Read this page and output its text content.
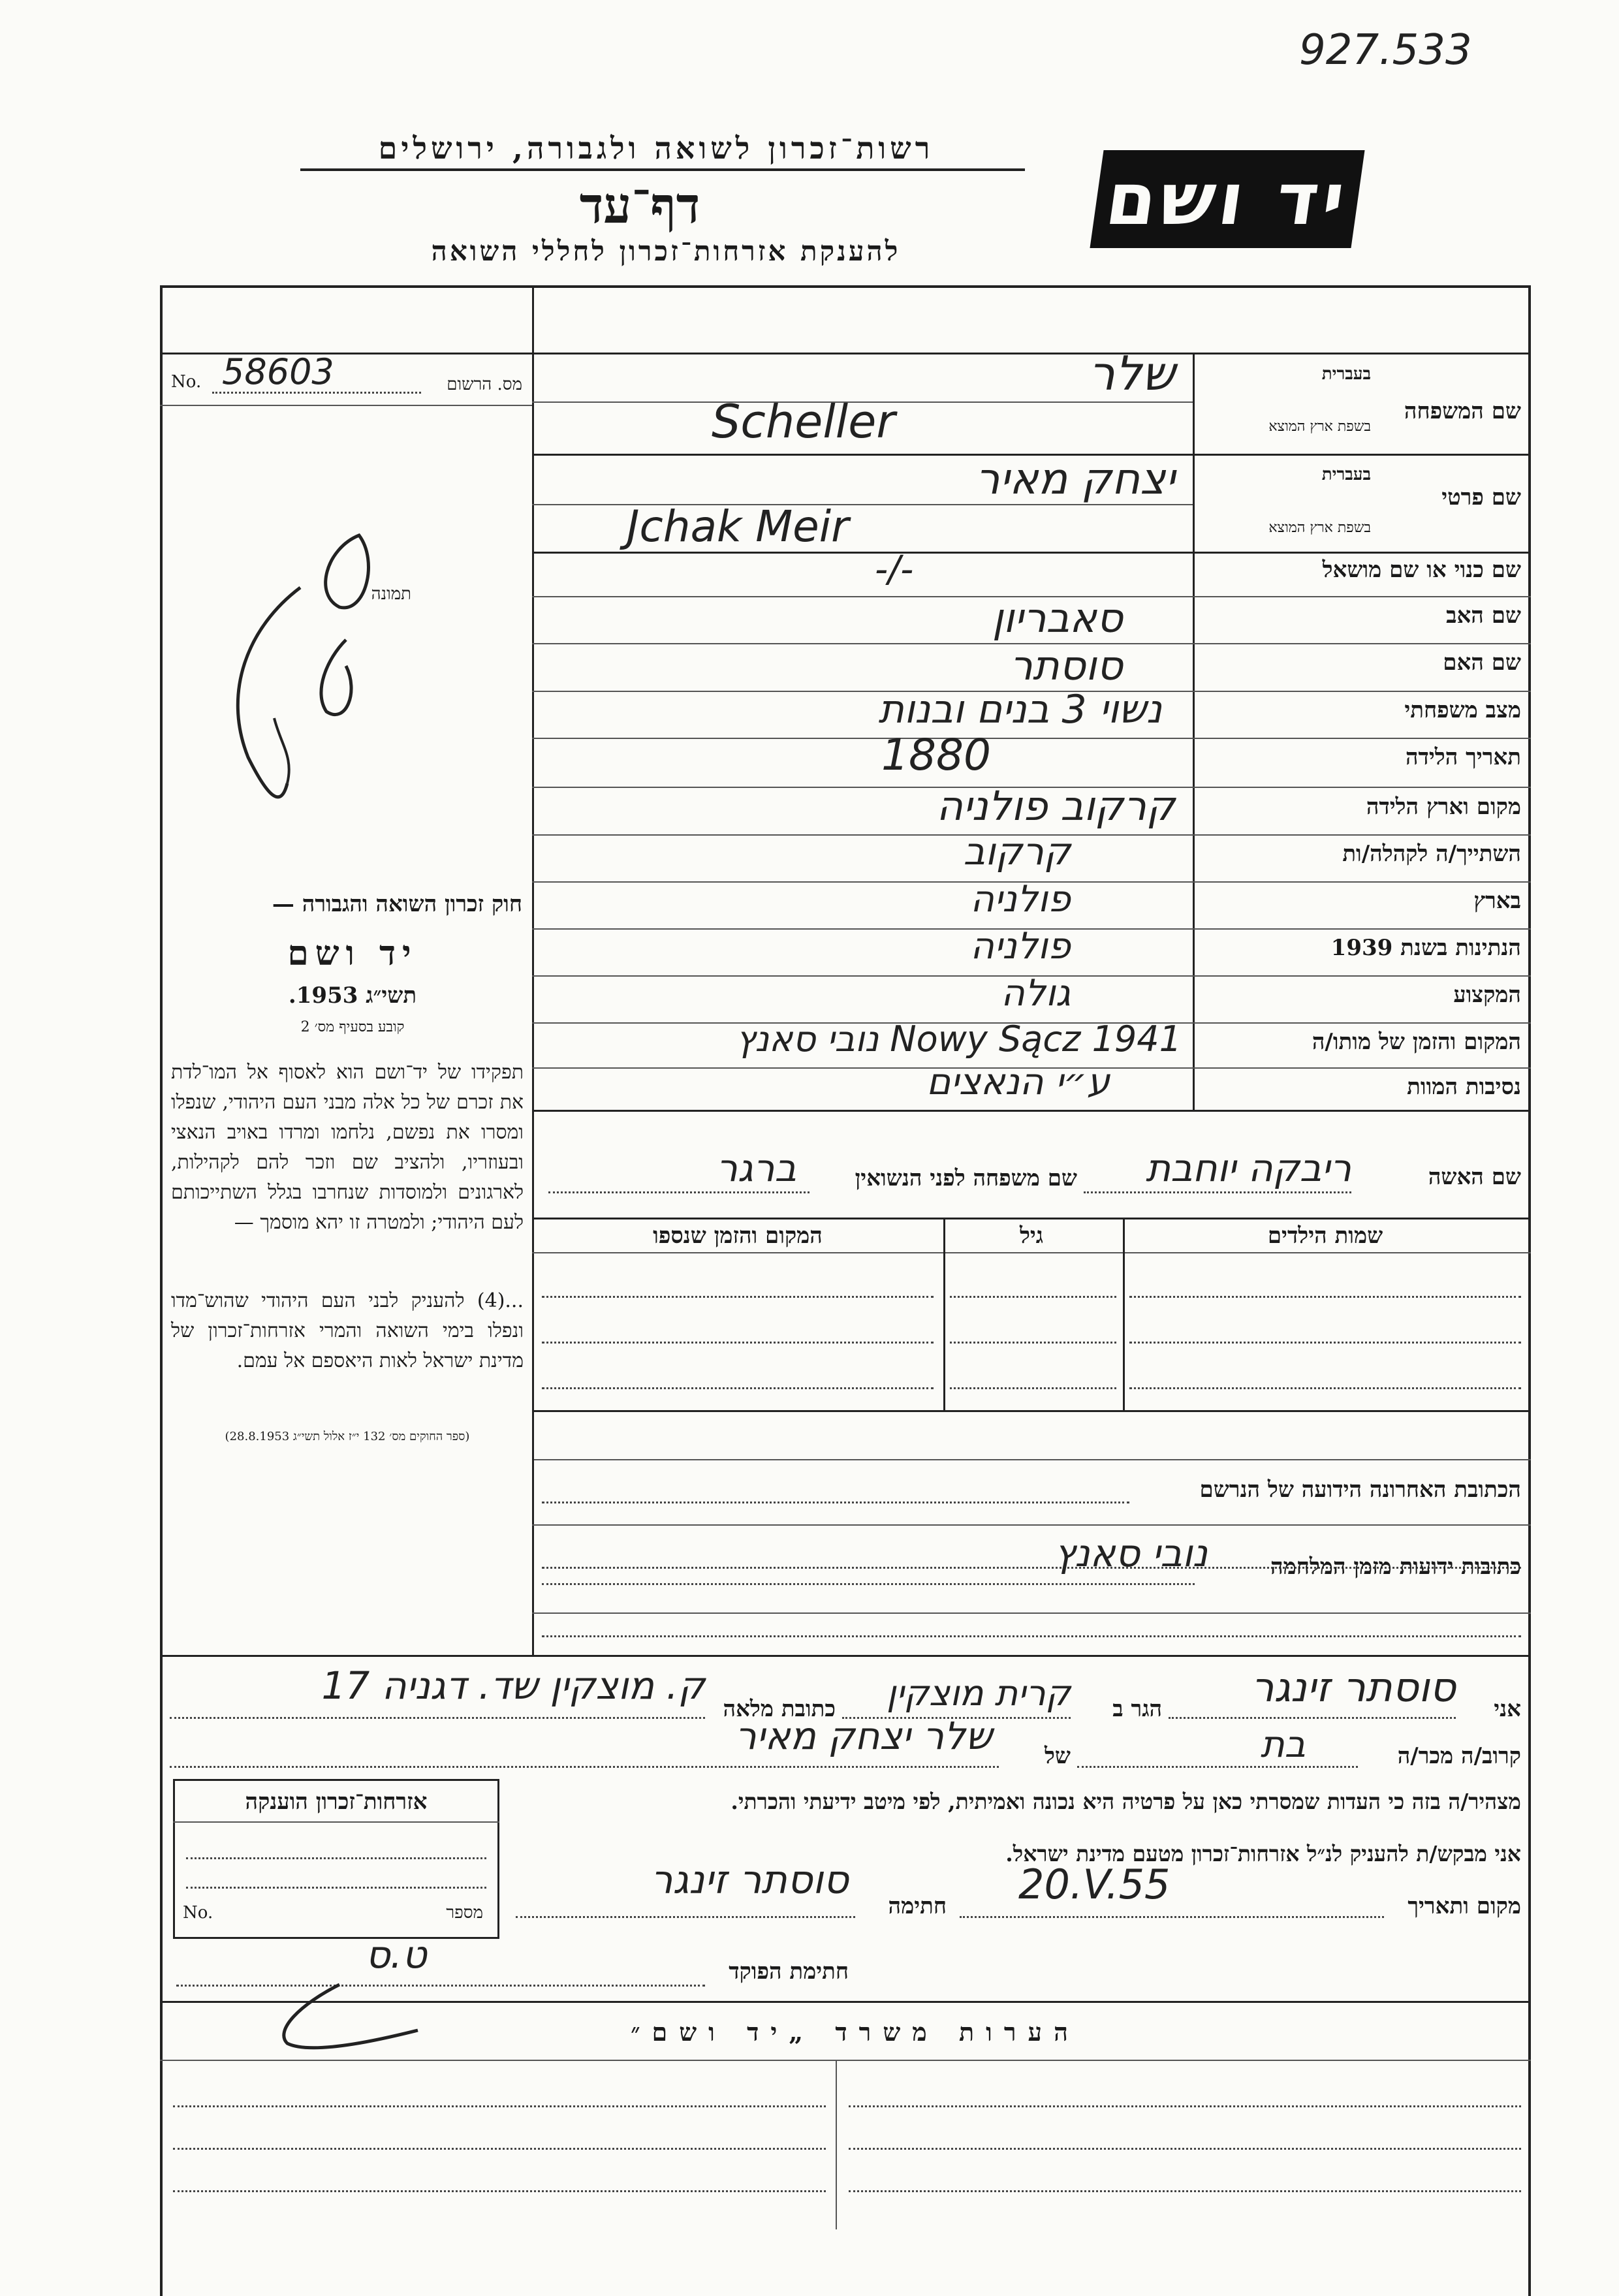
927.533
רשות־זכרון לשואה ולגבורה, ירושלים
דף־עד
להענקת אזרחות־זכרון לחללי השואה
יד ושם
No. 58603	מס. הרשום
תמונה
שם המשפחה
בעברית
בשפת ארץ המוצא
שלר
Scheller
שם פרטי
בעברית
בשפת ארץ המוצא
יצחק מאיר
Jchak Meir
שם כנוי או שם מושאל
-/-
שם האב
סאבריון
שם האם
סוסתר
מצב משפחתי
נשוי 3 בנים ובנות
תאריך הלידה
1880
מקום וארץ הלידה
קרקוב פולניה
השתייך/ה לקהלה/ות
קרקוב
בארץ
פולניה
הנתינות בשנת 1939
פולניה
המקצוע
גולה
המקום והזמן של מותו/ה
Nowy Sącz 1941 נובי סאנץ
נסיבות המוות
ע״י הנאצים
שם האשה
ריבקה יוחבת
שם משפחה לפני הנשואין
ברגר
שמות הילדים
גיל
המקום והזמן שנספו
חוק זכרון השואה והגבורה —
יד ושם
תשי״ג 1953.
קובע בסעיף מס׳ 2
תפקידו של יד־ושם הוא לאסוף אל המו־לדת את זכרם של כל אלה מבני העם היהודי, שנפלו ומסרו את נפשם, נלחמו ומרדו באויב הנאצי ובעוזריו, ולהציב שם וזכר להם לקהילות, לארגונים ולמוסדות שנחרבו בגלל השתייכותם לעם היהודי; ולמטרה זו יהא מוסמך —
...(4) להעניק לבני העם היהודי שהוש־מדו ונפלו בימי השואה והמרי אזרחות־זכרון של מדינת ישראל לאות היאספם אל עמם.
(ספר החוקים מס׳ 132 י״ז אלול תשי״ג 28.8.1953)
הכתובת האחרונה הידועה של הנרשם
כתובות ידועות מזמן המלחמה
נובי סאנץ
אני
סוסתר זינגר
הגר ב
קרית מוצקין
כתובת מלאה
ק. מוצקין שד. דגניה 17
קרוב/ה מכר/ה
בת
של
שלר יצחק מאיר
אזרחות־זכרון הוענקה
No.	מספר
מצהיר/ה בזה כי העדות שמסרתי כאן על פרטיה היא נכונה ואמיתית, לפי מיטב ידיעתי והכרתי.
אני מבקש/ת להעניק לנ״ל אזרחות־זכרון מטעם מדינת ישראל.
מקום ותאריך
20.V.55
חתימה
סוסתר זינגר
חתימת הפוקד
ט.ס
הערות משרד „יד ושם״
